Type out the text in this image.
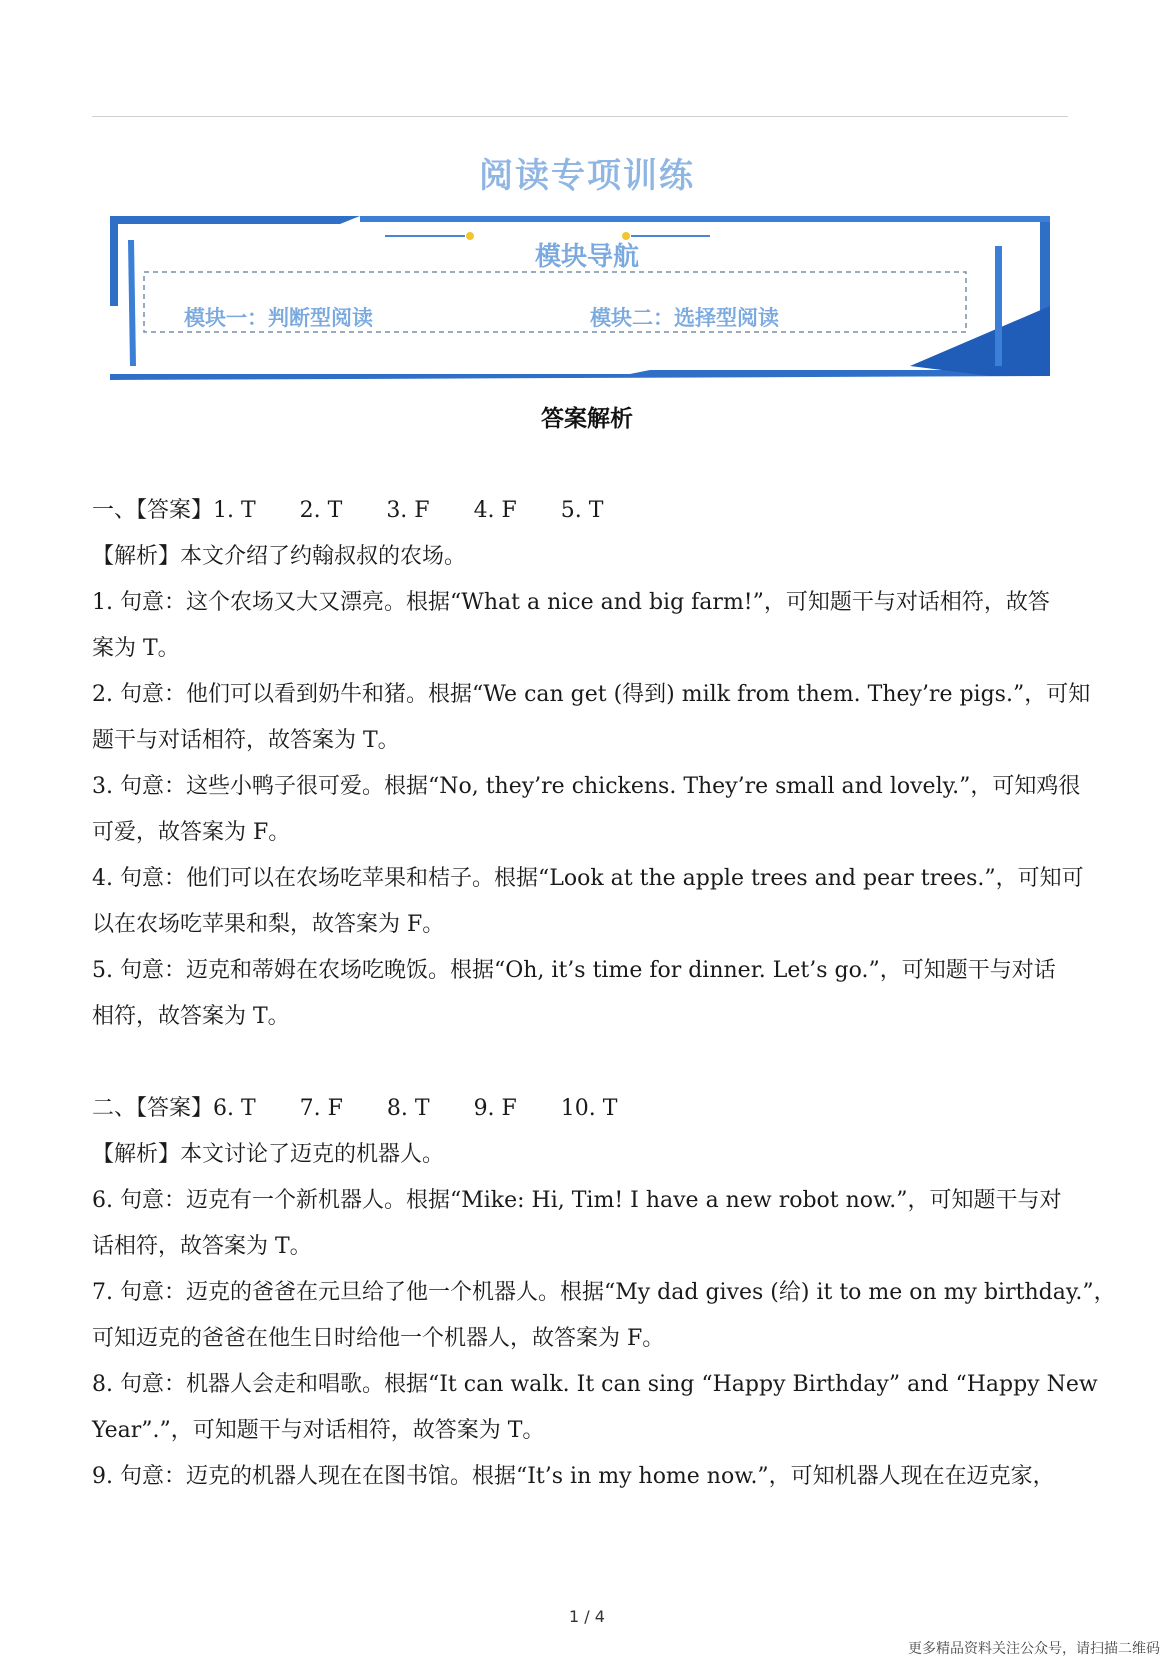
阅读专项训练
模块导航
模块一：判断型阅读	模块二：选择型阅读
答案解析
一、【答案】1. T　　2. T　　3. F　　4. F　　5. T
【解析】本文介绍了约翰叔叔的农场。
1. 句意：这个农场又大又漂亮。根据“What a nice and big farm!”，可知题干与对话相符，故答
案为 T。
2. 句意：他们可以看到奶牛和猪。根据“We can get (得到) milk from them. They’re pigs.”，可知
题干与对话相符，故答案为 T。
3. 句意：这些小鸭子很可爱。根据“No, they’re chickens. They’re small and lovely.”，可知鸡很
可爱，故答案为 F。
4. 句意：他们可以在农场吃苹果和桔子。根据“Look at the apple trees and pear trees.”，可知可
以在农场吃苹果和梨，故答案为 F。
5. 句意：迈克和蒂姆在农场吃晚饭。根据“Oh, it’s time for dinner. Let’s go.”，可知题干与对话
相符，故答案为 T。
二、【答案】6. T　　7. F　　8. T　　9. F　　10. T
【解析】本文讨论了迈克的机器人。
6. 句意：迈克有一个新机器人。根据“Mike: Hi, Tim! I have a new robot now.”，可知题干与对
话相符，故答案为 T。
7. 句意：迈克的爸爸在元旦给了他一个机器人。根据“My dad gives (给) it to me on my birthday.”，
可知迈克的爸爸在他生日时给他一个机器人，故答案为 F。
8. 句意：机器人会走和唱歌。根据“It can walk. It can sing “Happy Birthday” and “Happy New
Year”.”，可知题干与对话相符，故答案为 T。
9. 句意：迈克的机器人现在在图书馆。根据“It’s in my home now.”，可知机器人现在在迈克家，
1 / 4
更多精品资料关注公众号，请扫描二维码
